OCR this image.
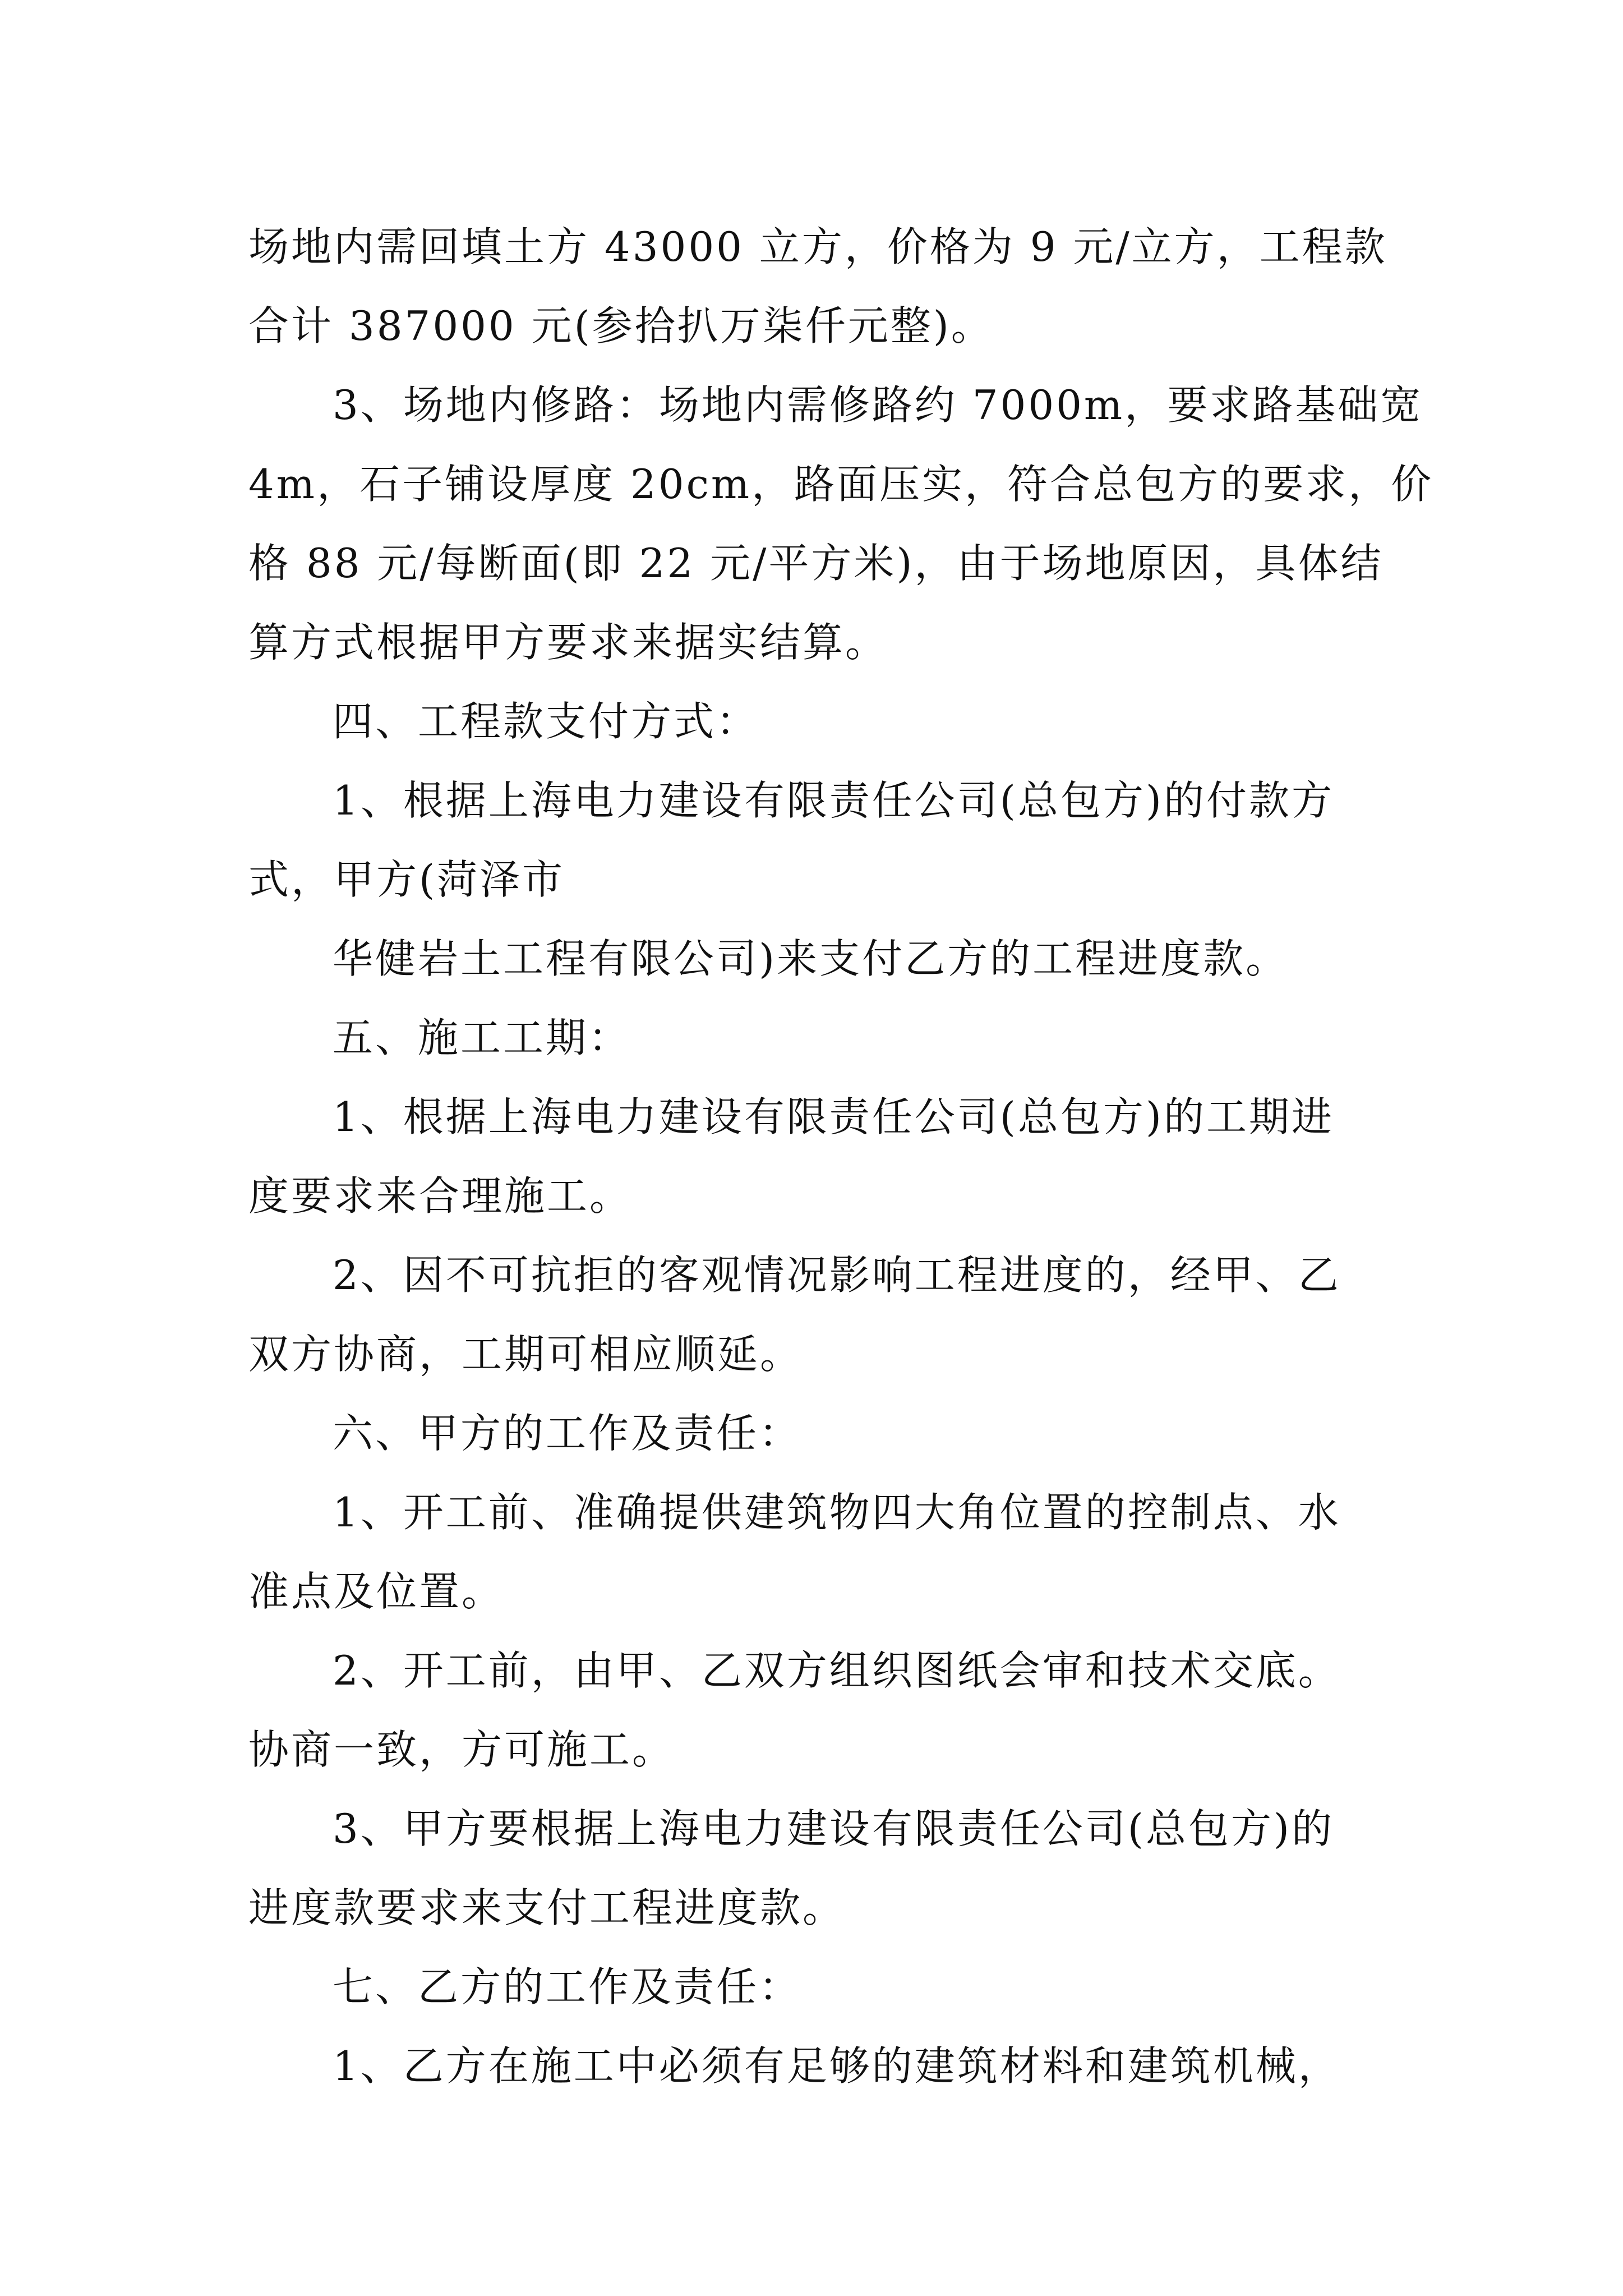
场地内需回填土方 43000 立方，价格为 9 元/立方，工程款
合计 387000 元(参拾扒万柒仟元整)。
3、场地内修路：场地内需修路约 7000m，要求路基础宽
4m，石子铺设厚度 20cm，路面压实，符合总包方的要求，价
格 88 元/每断面(即 22 元/平方米)，由于场地原因，具体结
算方式根据甲方要求来据实结算。
四、工程款支付方式：
1、根据上海电力建设有限责任公司(总包方)的付款方
式，甲方(菏泽市
华健岩土工程有限公司)来支付乙方的工程进度款。
五、施工工期：
1、根据上海电力建设有限责任公司(总包方)的工期进
度要求来合理施工。
2、因不可抗拒的客观情况影响工程进度的，经甲、乙
双方协商，工期可相应顺延。
六、甲方的工作及责任：
1、开工前、准确提供建筑物四大角位置的控制点、水
准点及位置。
2、开工前，由甲、乙双方组织图纸会审和技术交底。
协商一致，方可施工。
3、甲方要根据上海电力建设有限责任公司(总包方)的
进度款要求来支付工程进度款。
七、乙方的工作及责任：
1、乙方在施工中必须有足够的建筑材料和建筑机械，
